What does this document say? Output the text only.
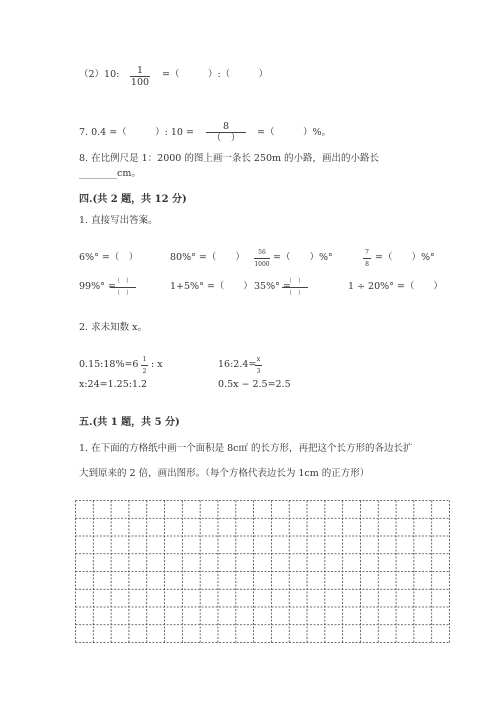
（2）10:	1
100
=（　　　）:（　　　）
7. 0.4 =（　　　）: 10 =
8
（　）
=（　　　）%。
8. 在比例尺是 1：2000 的图上画一条长 250m 的小路，画出的小路长
________cm。
四.(共 2 题，共 12 分)
1. 直接写出答案。
6%° =（　）	80%° =（　　）	56
1000
=（　　）%°	7
8
=（　　）%°
99%° =
（　）
（　）
1+5%° =（　　） 35%° =
（　）
（　）
1 ÷ 20%° =（　　）
2. 求未知数 x。
0.15:18%=6 1
2
: x	16:2.4= x
3
x:24=1.25:1.2	0.5x − 2.5=2.5
五.(共 1 题，共 5 分)
1. 在下面的方格纸中画一个面积是 8c㎡ 的长方形，再把这个长方形的各边长扩
大到原来的 2 倍，画出图形。（每个方格代表边长为 1cm 的正方形）
